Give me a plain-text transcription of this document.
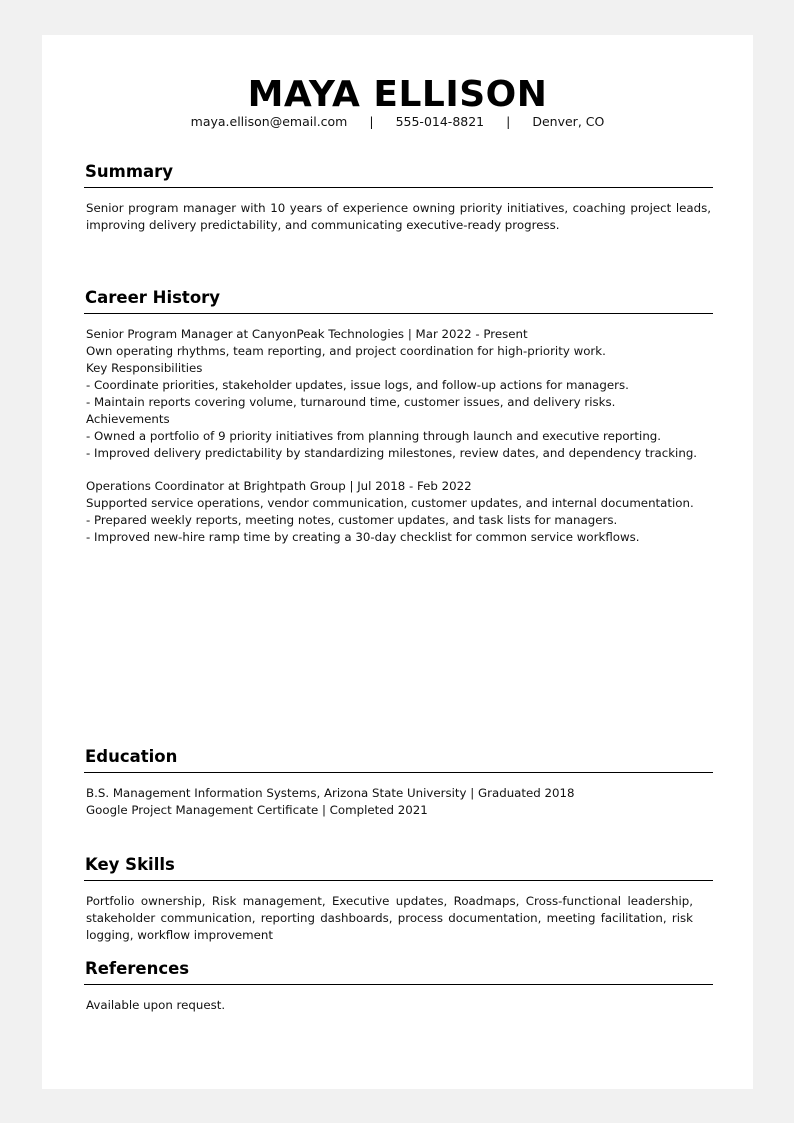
MAYA ELLISON
maya.ellison@email.com | 555-014-8821 | Denver, CO
Summary
Senior program manager with 10 years of experience owning priority initiatives, coaching project leads, improving delivery predictability, and communicating executive-ready progress.
Career History
Senior Program Manager at CanyonPeak Technologies | Mar 2022 - Present
Own operating rhythms, team reporting, and project coordination for high-priority work.
Key Responsibilities
- Coordinate priorities, stakeholder updates, issue logs, and follow-up actions for managers.
- Maintain reports covering volume, turnaround time, customer issues, and delivery risks.
Achievements
- Owned a portfolio of 9 priority initiatives from planning through launch and executive reporting.
- Improved delivery predictability by standardizing milestones, review dates, and dependency tracking.
Operations Coordinator at Brightpath Group | Jul 2018 - Feb 2022
Supported service operations, vendor communication, customer updates, and internal documentation.
- Prepared weekly reports, meeting notes, customer updates, and task lists for managers.
- Improved new-hire ramp time by creating a 30-day checklist for common service workflows.
Education
B.S. Management Information Systems, Arizona State University | Graduated 2018
Google Project Management Certificate | Completed 2021
Key Skills
Portfolio ownership, Risk management, Executive updates, Roadmaps, Cross-functional leadership, stakeholder communication, reporting dashboards, process documentation, meeting facilitation, risk logging, workflow improvement
References
Available upon request.
